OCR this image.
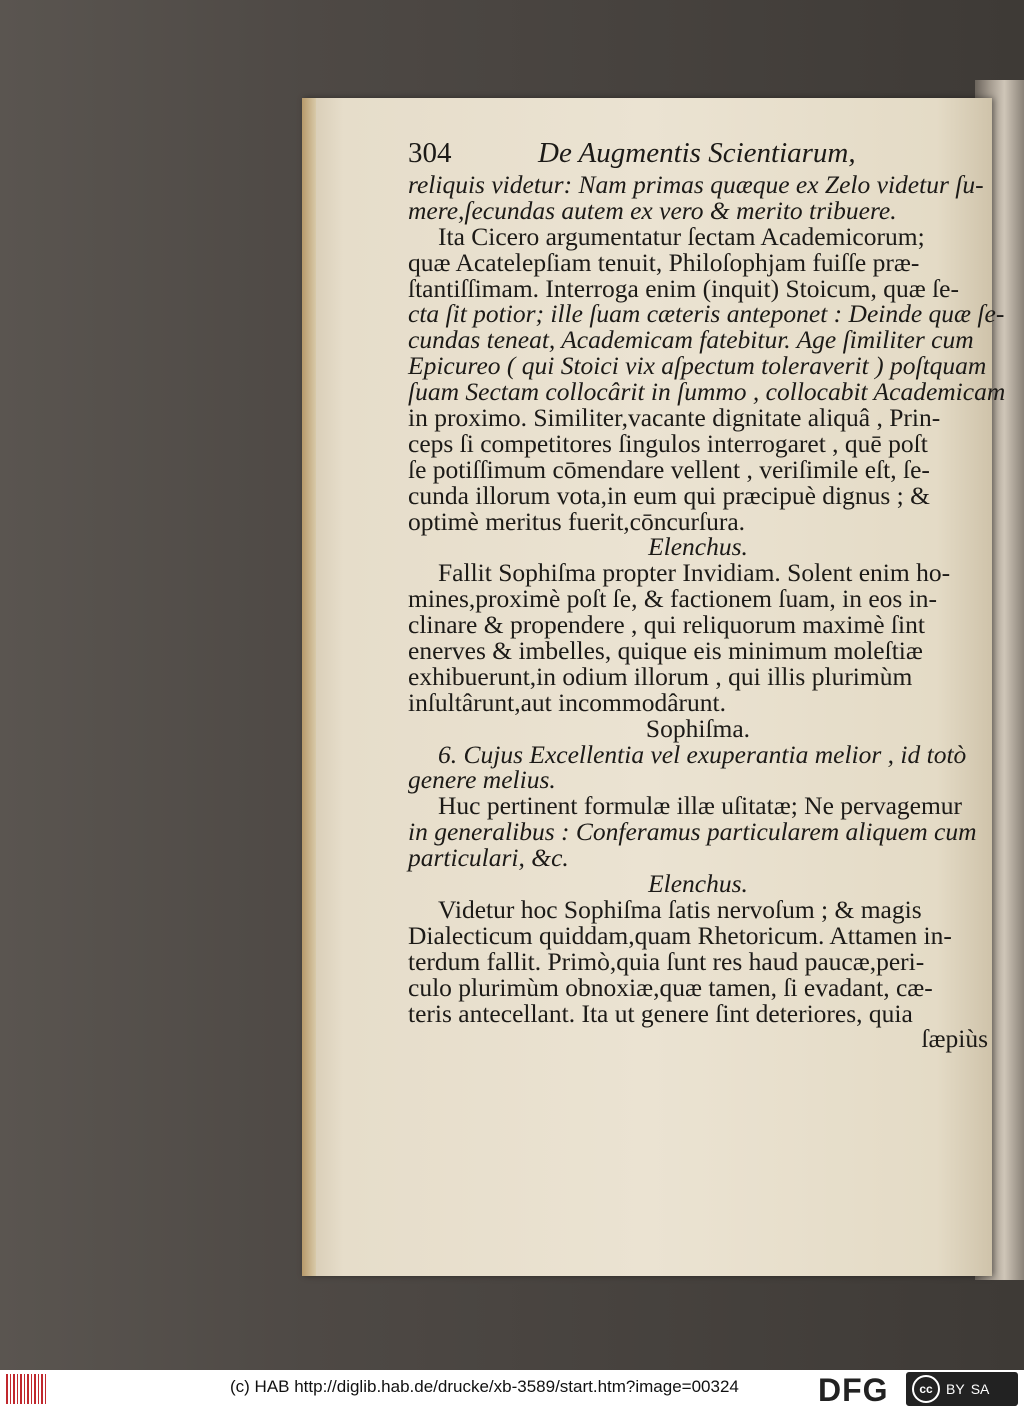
304	De Augmentis Scientiarum,
reliquis videtur: Nam primas quæque ex Zelo videtur ſu-
mere,ſecundas autem ex vero & merito tribuere.
Ita Cicero argumentatur ſectam Academicorum;
quæ Acatelepſiam tenuit, Philoſophjam fuiſſe præ-
ſtantiſſimam. Interroga enim (inquit) Stoicum, quæ ſe-
cta ſit potior; ille ſuam cæteris anteponet : Deinde quæ ſe-
cundas teneat, Academicam fatebitur. Age ſimiliter cum
Epicureo ( qui Stoici vix aſpectum toleraverit ) poſtquam
ſuam Sectam collocârit in ſummo , collocabit Academicam
in proximo. Similiter,vacante dignitate aliquâ , Prin-
ceps ſi competitores ſingulos interrogaret , quē poſt
ſe potiſſimum cōmendare vellent , veriſimile eſt, ſe-
cunda illorum vota,in eum qui præcipuè dignus ; &
optimè meritus fuerit,cōncurſura.
Elenchus.
Fallit Sophiſma propter Invidiam. Solent enim ho-
mines,proximè poſt ſe, & factionem ſuam, in eos in-
clinare & propendere , qui reliquorum maximè ſint
enerves & imbelles, quique eis minimum moleſtiæ
exhibuerunt,in odium illorum , qui illis plurimùm
inſultârunt,aut incommodârunt.
Sophiſma.
6. Cujus Excellentia vel exuperantia melior , id totò
genere melius.
Huc pertinent formulæ illæ uſitatæ; Ne pervagemur
in generalibus : Conferamus particularem aliquem cum
particulari, &c.
Elenchus.
Videtur hoc Sophiſma ſatis nervoſum ; & magis
Dialecticum quiddam,quam Rhetoricum. Attamen in-
terdum fallit. Primò,quia ſunt res haud paucæ,peri-
culo plurimùm obnoxiæ,quæ tamen, ſi evadant, cæ-
teris antecellant. Ita ut genere ſint deteriores, quia
ſæpiùs
(c) HAB http://diglib.hab.de/drucke/xb-3589/start.htm?image=00324 DFG	cc BY SA
